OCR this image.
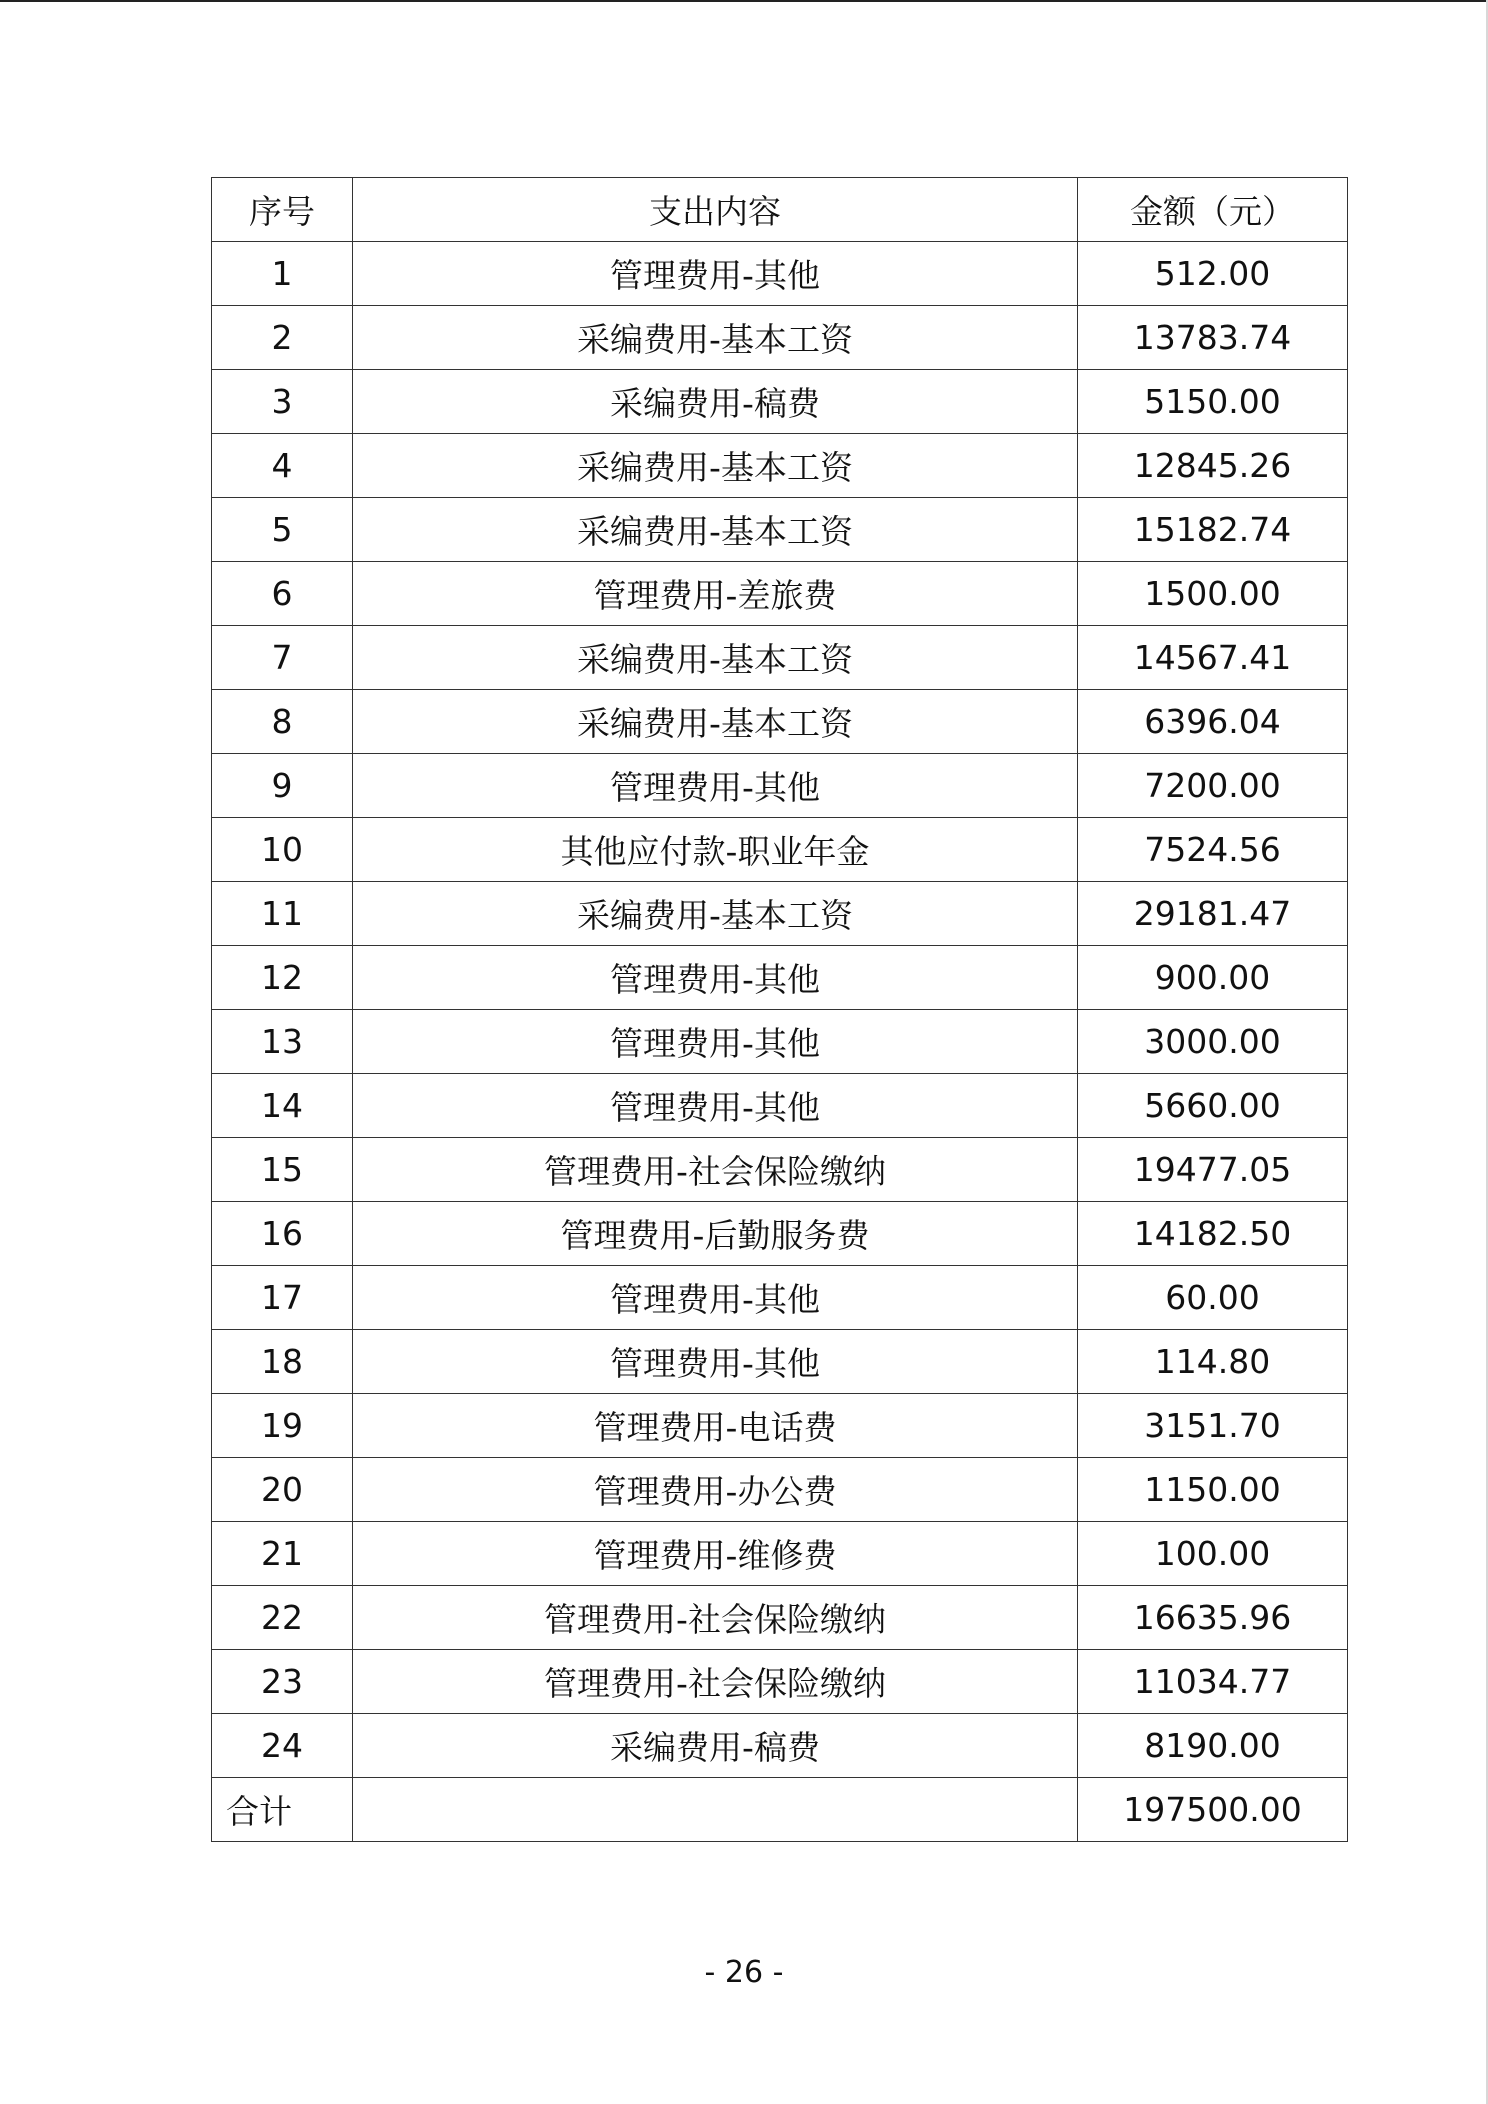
序号	支出内容	金额（元）
1	管理费用-其他	512.00
2	采编费用-基本工资	13783.74
3	采编费用-稿费	5150.00
4	采编费用-基本工资	12845.26
5	采编费用-基本工资	15182.74
6	管理费用-差旅费	1500.00
7	采编费用-基本工资	14567.41
8	采编费用-基本工资	6396.04
9	管理费用-其他	7200.00
10	其他应付款-职业年金	7524.56
11	采编费用-基本工资	29181.47
12	管理费用-其他	900.00
13	管理费用-其他	3000.00
14	管理费用-其他	5660.00
15	管理费用-社会保险缴纳	19477.05
16	管理费用-后勤服务费	14182.50
17	管理费用-其他	60.00
18	管理费用-其他	114.80
19	管理费用-电话费	3151.70
20	管理费用-办公费	1150.00
21	管理费用-维修费	100.00
22	管理费用-社会保险缴纳	16635.96
23	管理费用-社会保险缴纳	11034.77
24	采编费用-稿费	8190.00
合计		197500.00
- 26 -
